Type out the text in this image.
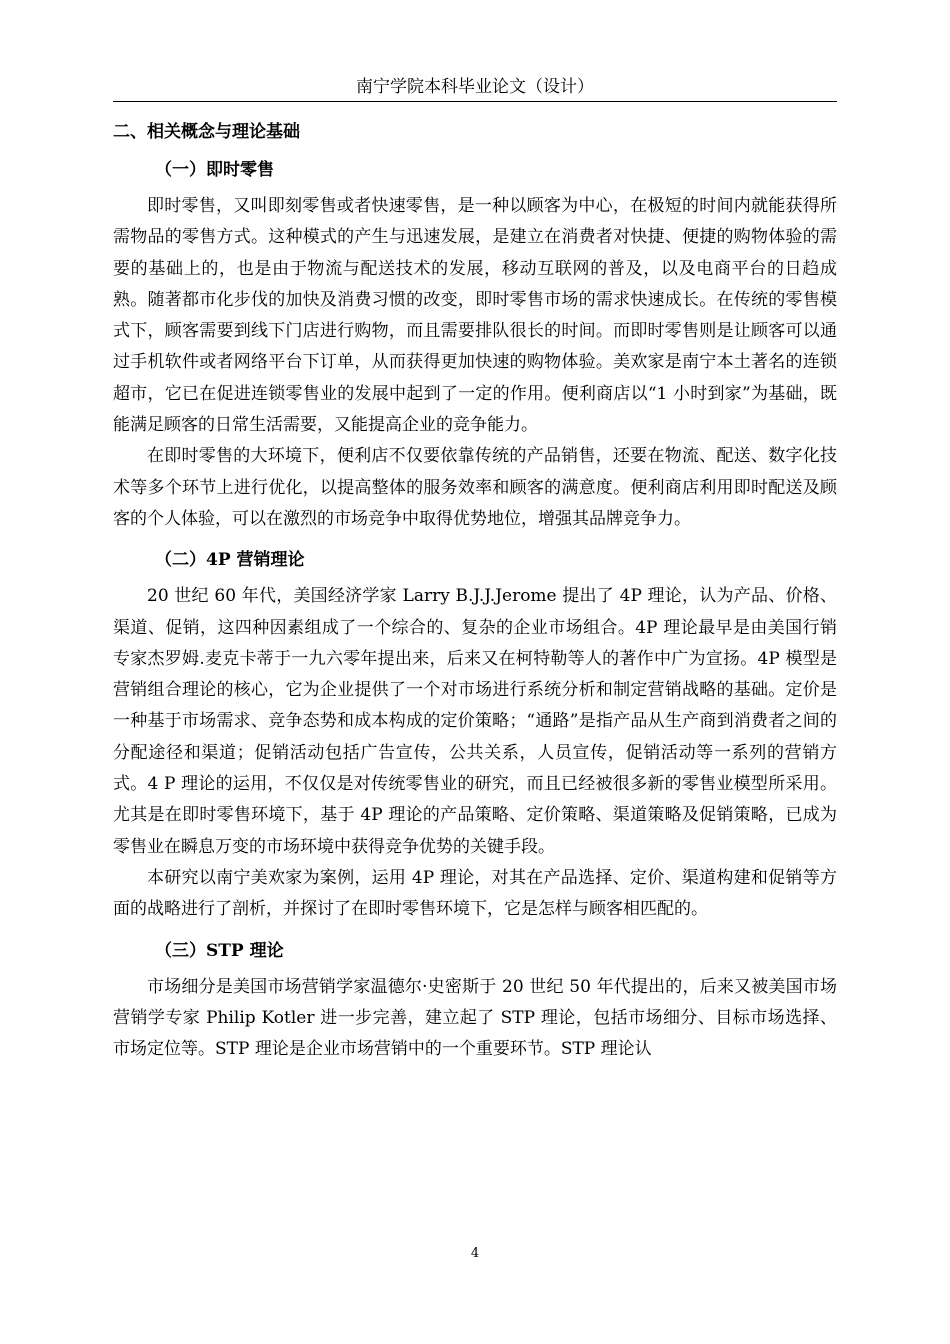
南宁学院本科毕业论文（设计）

二、相关概念与理论基础

（一）即时零售

即时零售，又叫即刻零售或者快速零售，是一种以顾客为中心，在极短的时间内就能获得所需物品的零售方式。这种模式的产生与迅速发展，是建立在消费者对快捷、便捷的购物体验的需要的基础上的，也是由于物流与配送技术的发展，移动互联网的普及，以及电商平台的日趋成熟。随著都市化步伐的加快及消费习惯的改变，即时零售市场的需求快速成长。在传统的零售模式下，顾客需要到线下门店进行购物，而且需要排队很长的时间。而即时零售则是让顾客可以通过手机软件或者网络平台下订单，从而获得更加快速的购物体验。美欢家是南宁本土著名的连锁超市，它已在促进连锁零售业的发展中起到了一定的作用。便利商店以“1 小时到家”为基础，既能满足顾客的日常生活需要，又能提高企业的竞争能力。

在即时零售的大环境下，便利店不仅要依靠传统的产品销售，还要在物流、配送、数字化技术等多个环节上进行优化，以提高整体的服务效率和顾客的满意度。便利商店利用即时配送及顾客的个人体验，可以在激烈的市场竞争中取得优势地位，增强其品牌竞争力。

（二）4P 营销理论

20 世纪 60 年代，美国经济学家 Larry B.J.J.Jerome 提出了 4P 理论，认为产品、价格、渠道、促销，这四种因素组成了一个综合的、复杂的企业市场组合。4P 理论最早是由美国行销专家杰罗姆.麦克卡蒂于一九六零年提出来，后来又在柯特勒等人的著作中广为宣扬。4P 模型是营销组合理论的核心，它为企业提供了一个对市场进行系统分析和制定营销战略的基础。定价是一种基于市场需求、竞争态势和成本构成的定价策略；“通路”是指产品从生产商到消费者之间的分配途径和渠道；促销活动包括广告宣传，公共关系，人员宣传，促销活动等一系列的营销方式。4 P 理论的运用，不仅仅是对传统零售业的研究，而且已经被很多新的零售业模型所采用。尤其是在即时零售环境下，基于 4P 理论的产品策略、定价策略、渠道策略及促销策略，已成为零售业在瞬息万变的市场环境中获得竞争优势的关键手段。

本研究以南宁美欢家为案例，运用 4P 理论，对其在产品选择、定价、渠道构建和促销等方面的战略进行了剖析，并探讨了在即时零售环境下，它是怎样与顾客相匹配的。

（三）STP 理论

市场细分是美国市场营销学家温德尔·史密斯于 20 世纪 50 年代提出的，后来又被美国市场营销学专家 Philip Kotler 进一步完善，建立起了 STP 理论，包括市场细分、目标市场选择、市场定位等。STP 理论是企业市场营销中的一个重要环节。STP 理论认

4
